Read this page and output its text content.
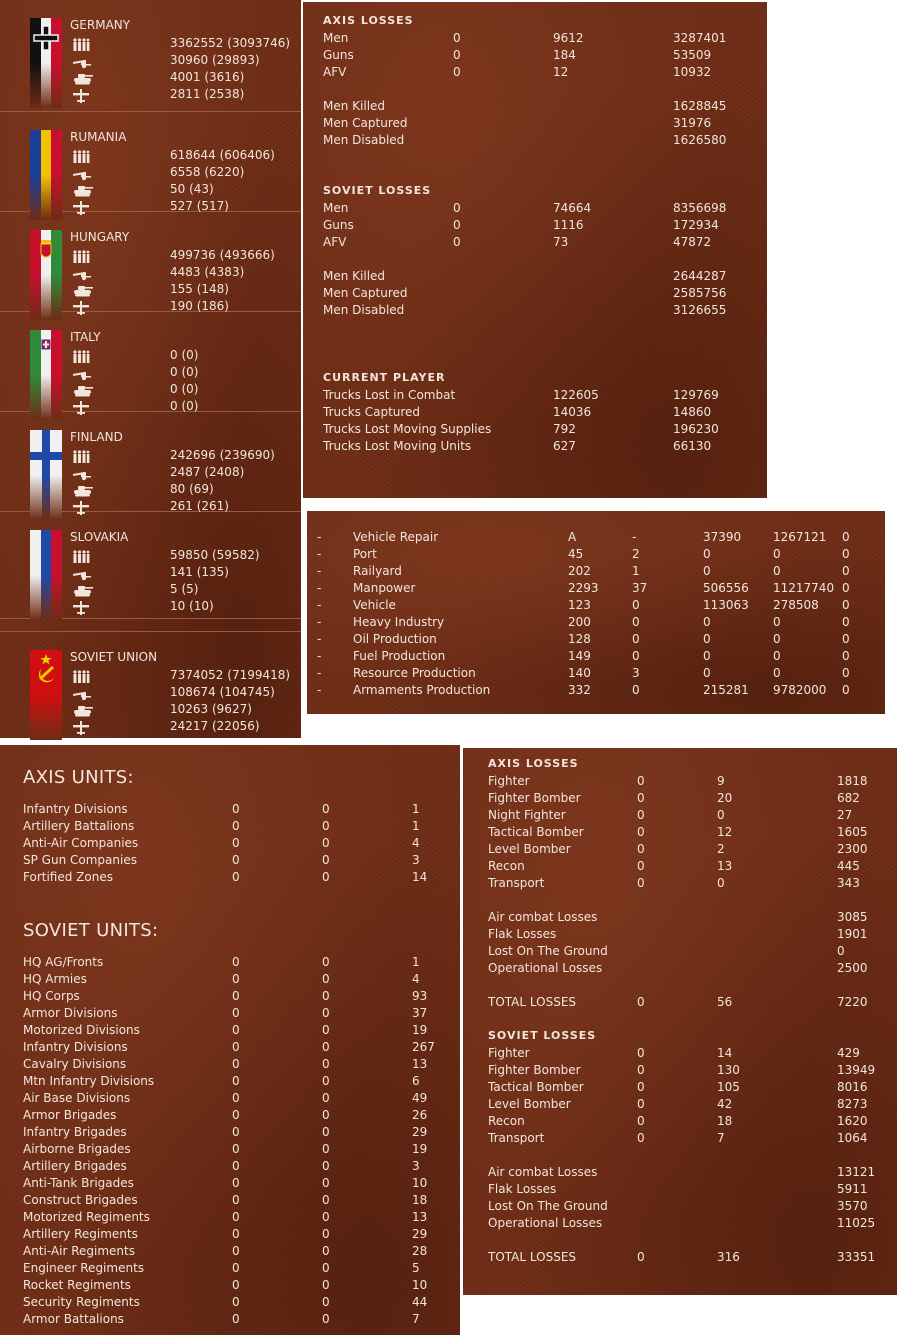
GERMANY
3362552 (3093746)
30960 (29893)
4001 (3616)
2811 (2538)
RUMANIA
618644 (606406)
6558 (6220)
50 (43)
527 (517)
HUNGARY
499736 (493666)
4483 (4383)
155 (148)
190 (186)
ITALY
0 (0)
0 (0)
0 (0)
0 (0)
FINLAND
242696 (239690)
2487 (2408)
80 (69)
261 (261)
SLOVAKIA
59850 (59582)
141 (135)
5 (5)
10 (10)
SOVIET UNION
7374052 (7199418)
108674 (104745)
10263 (9627)
24217 (22056)
AXIS LOSSES
Men	0	9612	3287401
Guns	0	184	53509
AFV	0	12	10932
Men Killed	1628845
Men Captured	31976
Men Disabled	1626580
SOVIET LOSSES
Men	0	74664	8356698
Guns	0	1116	172934
AFV	0	73	47872
Men Killed	2644287
Men Captured	2585756
Men Disabled	3126655
CURRENT PLAYER
Trucks Lost in Combat	122605	129769
Trucks Captured	14036	14860
Trucks Lost Moving Supplies	792	196230
Trucks Lost Moving Units	627	66130
-	Vehicle Repair	A	-	37390	1267121 0
-	Port	45	2	0	0	0
-	Railyard	202	1	0	0	0
-	Manpower	2293	37	506556 11217740 0
-	Vehicle	123	0	113063 278508 0
-	Heavy Industry	200	0	0	0	0
-	Oil Production	128	0	0	0	0
-	Fuel Production	149	0	0	0	0
-	Resource Production	140	3	0	0	0
-	Armaments Production	332	0	215281 9782000 0
AXIS UNITS:
Infantry Divisions	0	0	1
Artillery Battalions	0	0	1
Anti-Air Companies	0	0	4
SP Gun Companies	0	0	3
Fortified Zones	0	0	14
SOVIET UNITS:
HQ AG/Fronts	0	0	1
HQ Armies	0	0	4
HQ Corps	0	0	93
Armor Divisions	0	0	37
Motorized Divisions	0	0	19
Infantry Divisions	0	0	267
Cavalry Divisions	0	0	13
Mtn Infantry Divisions	0	0	6
Air Base Divisions	0	0	49
Armor Brigades	0	0	26
Infantry Brigades	0	0	29
Airborne Brigades	0	0	19
Artillery Brigades	0	0	3
Anti-Tank Brigades	0	0	10
Construct Brigades	0	0	18
Motorized Regiments	0	0	13
Artillery Regiments	0	0	29
Anti-Air Regiments	0	0	28
Engineer Regiments	0	0	5
Rocket Regiments	0	0	10
Security Regiments	0	0	44
Armor Battalions	0	0	7
AXIS LOSSES
Fighter	0	9	1818
Fighter Bomber	0	20	682
Night Fighter	0	0	27
Tactical Bomber	0	12	1605
Level Bomber	0	2	2300
Recon	0	13	445
Transport	0	0	343
Air combat Losses	3085
Flak Losses	1901
Lost On The Ground	0
Operational Losses	2500
TOTAL LOSSES	0	56	7220
SOVIET LOSSES
Fighter	0	14	429
Fighter Bomber	0	130	13949
Tactical Bomber	0	105	8016
Level Bomber	0	42	8273
Recon	0	18	1620
Transport	0	7	1064
Air combat Losses	13121
Flak Losses	5911
Lost On The Ground	3570
Operational Losses	11025
TOTAL LOSSES	0	316	33351
